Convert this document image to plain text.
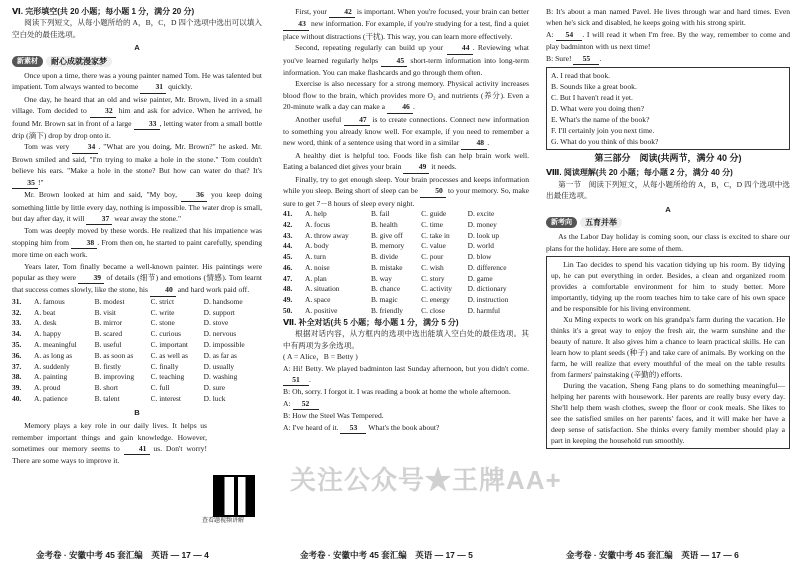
Ⅵ. 完形填空(共 20 小题；每小题 1 分，满分 20 分)

阅读下列短文，从每小题所给的 A，B，C，D 四个选项中选出可以填入空白处的最佳选项。

A
新素材	耐心成就漫家梦

Once upon a time, there was a young painter named Tom. He was talented but impatient. Tom always wanted to become 31 quickly.

One day, he heard that an old and wise painter, Mr. Brown, lived in a small village. Tom decided to 32 him and ask for advice. When he arrived, he found Mr. Brown sat in front of a large 33 , letting water from a small bottle drip (滴下) drop by drop onto it.

Tom was very 34 . "What are you doing, Mr. Brown?" he asked. Mr. Brown smiled and said, "I'm trying to make a hole in the stone." Tom couldn't believe his ears. "Make a hole in the stone? But how can water do that? It's 35 !"

Mr. Brown looked at him and said, "My boy, 36 you keep doing something little by little every day, nothing is impossible. The water drop is small, but day after day, it will 37 wear away the stone."

Tom was deeply moved by these words. He realized that his impatience was stopping him from 38 . From then on, he started to paint carefully, spending more time on each work.

Years later, Tom finally became a well-known painter. His paintings were popular as they were 39 of details (细节) and emotions (情感). Tom learnt that success comes slowly, like the stone, his 40 and hard work paid off.

31.	A. famous	B. modest	C. strict	D. handsome
32.	A. beat	B. visit	C. write	D. support
33.	A. desk	B. mirror	C. stone	D. stove
34.	A. happy	B. scared	C. curious	D. nervous
35.	A. meaningful	B. useful	C. important	D. impossible
36.	A. as long as	B. as soon as	C. as well as	D. as far as
37.	A. suddenly	B. firstly	C. finally	D. usually
38.	A. painting	B. improving	C. teaching	D. washing
39.	A. proud	B. short	C. full	D. sure
40.	A. patience	B. talent	C. interest	D. luck
B

Memory plays a key role in our daily lives. It helps us remember important things and gain knowledge. However, sometimes our memory seems to 41 us. Don't worry! There are some ways to improve it.

查看题视频讲解
金考卷 · 安徽中考 45 套汇编　英语 — 17 — 4

First, your 42 is important. When you're focused, your brain can better 43 new information. For example, if you're studying for a test, find a quiet place without distractions (干扰). This way, you can learn more effectively.

Second, repeating regularly can build up your 44 . Reviewing what you've learned regularly helps 45 short-term information into long-term information. You can make flashcards and go through them often.

Exercise is also necessary for a strong memory. Physical activity increases blood flow to the brain, which provides more O₂ and nutrients (养分). Even a 20-minute walk a day can make a 46 .

Another useful 47 is to create connections. Connect new information to something you already know well. For example, if you need to remember a new word, think of a sentence using that word in a similar 48 .

A healthy diet is helpful too. Foods like fish can help brain work well. Eating a balanced diet gives your brain 49 it needs.

Finally, try to get enough sleep. Your brain processes and keeps information while you sleep. Being short of sleep can be 50 to your memory. So, make sure to get 7－8 hours of sleep every night.

41.	A. help	B. fail	C. guide	D. excite
42.	A. focus	B. health	C. time	D. money
43.	A. throw away	B. give off	C. take in	D. look up
44.	A. body	B. memory	C. value	D. world
45.	A. turn	B. divide	C. pour	D. blow
46.	A. noise	B. mistake	C. wish	D. difference
47.	A. plan	B. way	C. story	D. game
48.	A. situation	B. chance	C. activity	D. dictionary
49.	A. space	B. magic	C. energy	D. instruction
50.	A. positive	B. friendly	C. close	D. harmful

Ⅶ. 补全对话(共 5 小题；每小题 1 分，满分 5 分)

根据对话内容，从方框内的选项中选出能填入空白处的最佳选项。其中有两项为多余选项。

( A = Alice，B = Betty )

A: Hi! Betty. We played badminton last Sunday afternoon, but you didn't come. 51 .

B: Oh, sorry. I forgot it. I was reading a book at home the whole afternoon.

A: 52

B: How the Steel Was Tempered.

A: I've heard of it. 53 What's the book about?

金考卷 · 安徽中考 45 套汇编　英语 — 17 — 5

B: It's about a man named Pavel. He lives through war and hard times. Even when he's sick and disabled, he keeps going with his strong spirit.

A: 54 . I will read it when I'm free. By the way, remember to come and play badminton with us next time!

B: Sure! 55 .

A. I read that book.

B. Sounds like a great book.

C. But I haven't read it yet.

D. What were you doing then?

E. What's the name of the book?

F. I'll certainly join you next time.

G. What do you think of this book?

第三部分　阅读(共两节，满分 40 分)

Ⅷ. 阅读理解(共 20 小题；每小题 2 分，满分 40 分)

第一节　阅读下列短文，从每小题所给的 A，B，C，D 四个选项中选出最佳选项。

A
新考向	五育并举

As the Labor Day holiday is coming soon, our class is excited to share our plans for the holiday. Here are some of them.

Lin Tao decides to spend his vacation tidying up his room. By tidying up, he can put everything in order. Besides, a clean and organized room provides a comfortable environment for him to study better. More importantly, tidying up the room teaches him to take care of his own space and be responsible for his living environment.

Xu Ming expects to work on his grandpa's farm during the vacation. He thinks it's a great way to enjoy the fresh air, the warm sunshine and the beauty of nature. It also gives him a chance to learn practical skills. He can learn how to plant seeds (种子) and take care of animals. By working on the farm, he will realize that every mouthful of the meal on the table results from farmers' painstaking (辛勤的) efforts.

During the vacation, Sheng Fang plans to do something meaningful—helping her parents with housework. Her parents are really busy every day. She'll help them wash clothes, sweep the floor or cook meals. She likes to see the satisfied smiles on her parents' faces, and it will make her have a deep sense of satisfaction. She thinks every family member should play a part in keeping the household run smoothly.

金考卷 · 安徽中考 45 套汇编　英语 — 17 — 6
关注公众号★王牌AA+
